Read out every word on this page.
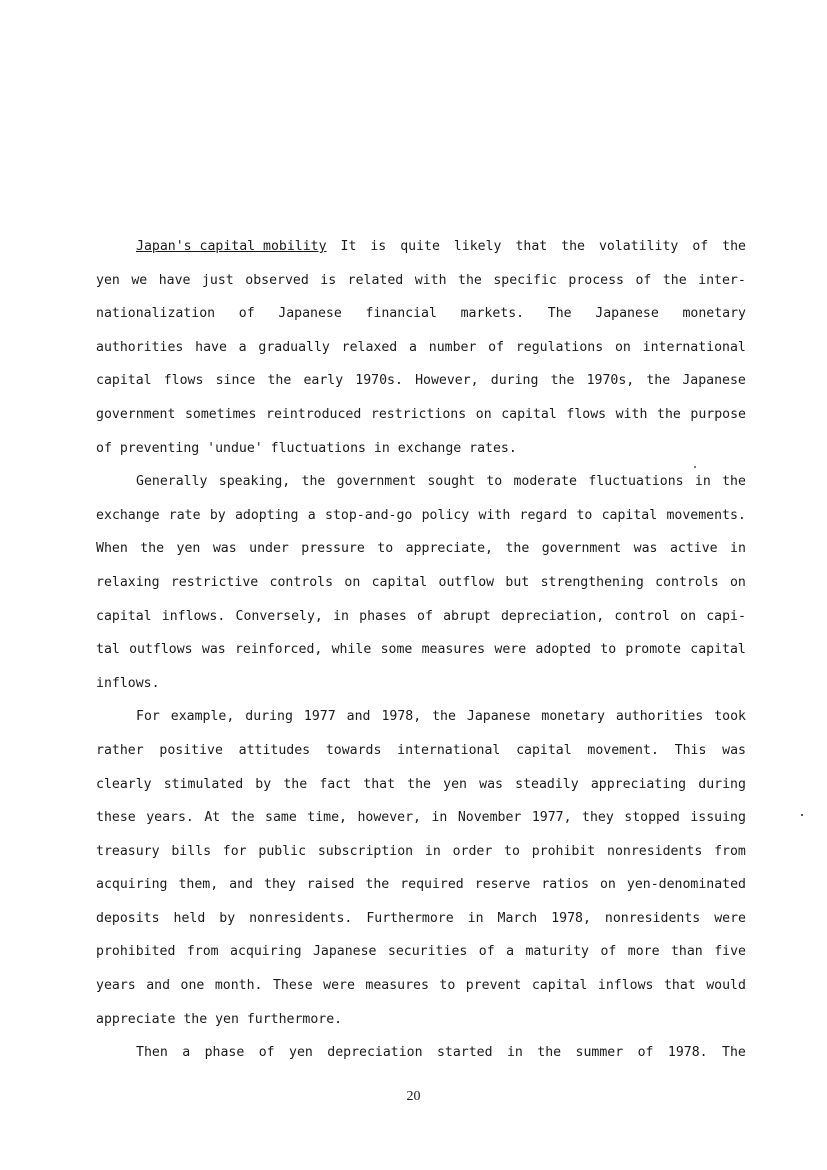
Japan's capital mobility It is quite likely that the volatility of the
yen we have just observed is related with the specific process of the inter-
nationalization of Japanese financial markets. The Japanese monetary
authorities have a gradually relaxed a number of regulations on international
capital flows since the early 1970s. However, during the 1970s, the Japanese
government sometimes reintroduced restrictions on capital flows with the purpose
of preventing 'undue' fluctuations in exchange rates.
Generally speaking, the government sought to moderate fluctuations in the
exchange rate by adopting a stop-and-go policy with regard to capital movements.
When the yen was under pressure to appreciate, the government was active in
relaxing restrictive controls on capital outflow but strengthening controls on
capital inflows. Conversely, in phases of abrupt depreciation, control on capi-
tal outflows was reinforced, while some measures were adopted to promote capital
inflows.
For example, during 1977 and 1978, the Japanese monetary authorities took
rather positive attitudes towards international capital movement. This was
clearly stimulated by the fact that the yen was steadily appreciating during
these years. At the same time, however, in November 1977, they stopped issuing
treasury bills for public subscription in order to prohibit nonresidents from
acquiring them, and they raised the required reserve ratios on yen-denominated
deposits held by nonresidents. Furthermore in March 1978, nonresidents were
prohibited from acquiring Japanese securities of a maturity of more than five
years and one month. These were measures to prevent capital inflows that would
appreciate the yen furthermore.
Then a phase of yen depreciation started in the summer of 1978. The
20
